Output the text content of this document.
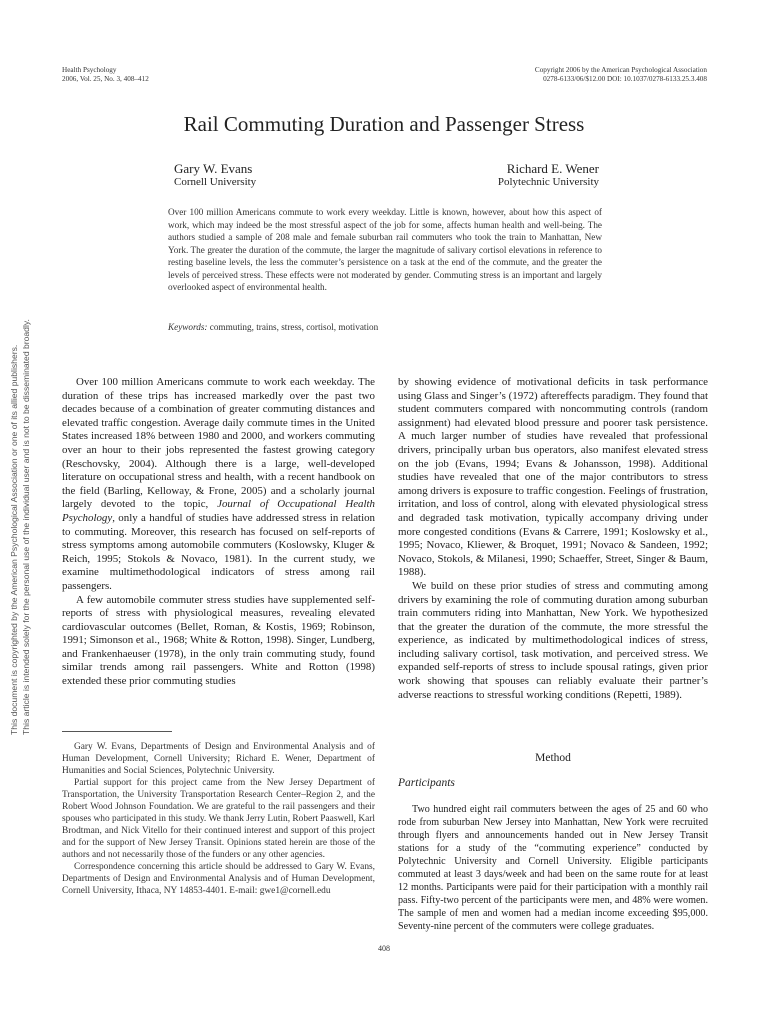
Health Psychology
2006, Vol. 25, No. 3, 408–412
Copyright 2006 by the American Psychological Association
0278-6133/06/$12.00 DOI: 10.1037/0278-6133.25.3.408
Rail Commuting Duration and Passenger Stress
Gary W. Evans
Cornell University
Richard E. Wener
Polytechnic University
Over 100 million Americans commute to work every weekday. Little is known, however, about how this aspect of work, which may indeed be the most stressful aspect of the job for some, affects human health and well-being. The authors studied a sample of 208 male and female suburban rail commuters who took the train to Manhattan, New York. The greater the duration of the commute, the larger the magnitude of salivary cortisol elevations in reference to resting baseline levels, the less the commuter’s persistence on a task at the end of the commute, and the greater the levels of perceived stress. These effects were not moderated by gender. Commuting stress is an important and largely overlooked aspect of environmental health.
Keywords: commuting, trains, stress, cortisol, motivation

Over 100 million Americans commute to work each weekday. The duration of these trips has increased markedly over the past two decades because of a combination of greater commuting distances and elevated traffic congestion. Average daily commute times in the United States increased 18% between 1980 and 2000, and workers commuting over an hour to their jobs represented the fastest growing category (Reschovsky, 2004). Although there is a large, well-developed literature on occupational stress and health, with a recent handbook on the field (Barling, Kelloway, & Frone, 2005) and a scholarly journal largely devoted to the topic, Journal of Occupational Health Psychology, only a handful of studies have addressed stress in relation to commuting. Moreover, this research has focused on self-reports of stress symptoms among automobile commuters (Koslowsky, Kluger & Reich, 1995; Stokols & Novaco, 1981). In the current study, we examine multimethodological indicators of stress among rail passengers.

A few automobile commuter stress studies have supplemented self-reports of stress with physiological measures, revealing elevated cardiovascular outcomes (Bellet, Roman, & Kostis, 1969; Robinson, 1991; Simonson et al., 1968; White & Rotton, 1998). Singer, Lundberg, and Frankenhaeuser (1978), in the only train commuting study, found similar trends among rail passengers. White and Rotton (1998) extended these prior commuting studies

by showing evidence of motivational deficits in task performance using Glass and Singer’s (1972) aftereffects paradigm. They found that student commuters compared with noncommuting controls (random assignment) had elevated blood pressure and poorer task persistence. A much larger number of studies have revealed that professional drivers, principally urban bus operators, also manifest elevated stress on the job (Evans, 1994; Evans & Johansson, 1998). Additional studies have revealed that one of the major contributors to stress among drivers is exposure to traffic congestion. Feelings of frustration, irritation, and loss of control, along with elevated physiological stress and degraded task motivation, typically accompany driving under more congested conditions (Evans & Carrere, 1991; Koslowsky et al., 1995; Novaco, Kliewer, & Broquet, 1991; Novaco & Sandeen, 1992; Novaco, Stokols, & Milanesi, 1990; Schaeffer, Street, Singer & Baum, 1988).

We build on these prior studies of stress and commuting among drivers by examining the role of commuting duration among suburban train commuters riding into Manhattan, New York. We hypothesized that the greater the duration of the commute, the more stressful the experience, as indicated by multimethodological indices of stress, including salivary cortisol, task motivation, and perceived stress. We expanded self-reports of stress to include spousal ratings, given prior work showing that spouses can reliably evaluate their partner’s adverse reactions to stressful working conditions (Repetti, 1989).

Gary W. Evans, Departments of Design and Environmental Analysis and of Human Development, Cornell University; Richard E. Wener, Department of Humanities and Social Sciences, Polytechnic University.

Partial support for this project came from the New Jersey Department of Transportation, the University Transportation Research Center–Region 2, and the Robert Wood Johnson Foundation. We are grateful to the rail passengers and their spouses who participated in this study. We thank Jerry Lutin, Robert Paaswell, Karl Brodtman, and Nick Vitello for their continued interest and support of this project and for the support of New Jersey Transit. Opinions stated herein are those of the authors and not necessarily those of the funders or any other agencies.

Correspondence concerning this article should be addressed to Gary W. Evans, Departments of Design and Environmental Analysis and of Human Development, Cornell University, Ithaca, NY 14853-4401. E-mail: gwe1@cornell.edu

Method
Participants

Two hundred eight rail commuters between the ages of 25 and 60 who rode from suburban New Jersey into Manhattan, New York were recruited through flyers and announcements handed out in New Jersey Transit stations for a study of the “commuting experience” conducted by Polytechnic University and Cornell University. Eligible participants commuted at least 3 days/week and had been on the same route for at least 12 months. Participants were paid for their participation with a monthly rail pass. Fifty-two percent of the participants were men, and 48% were women. The sample of men and women had a median income exceeding $95,000. Seventy-nine percent of the commuters were college graduates.

408
This document is copyrighted by the American Psychological Association or one of its allied publishers. This article is intended solely for the personal use of the individual user and is not to be disseminated broadly.
